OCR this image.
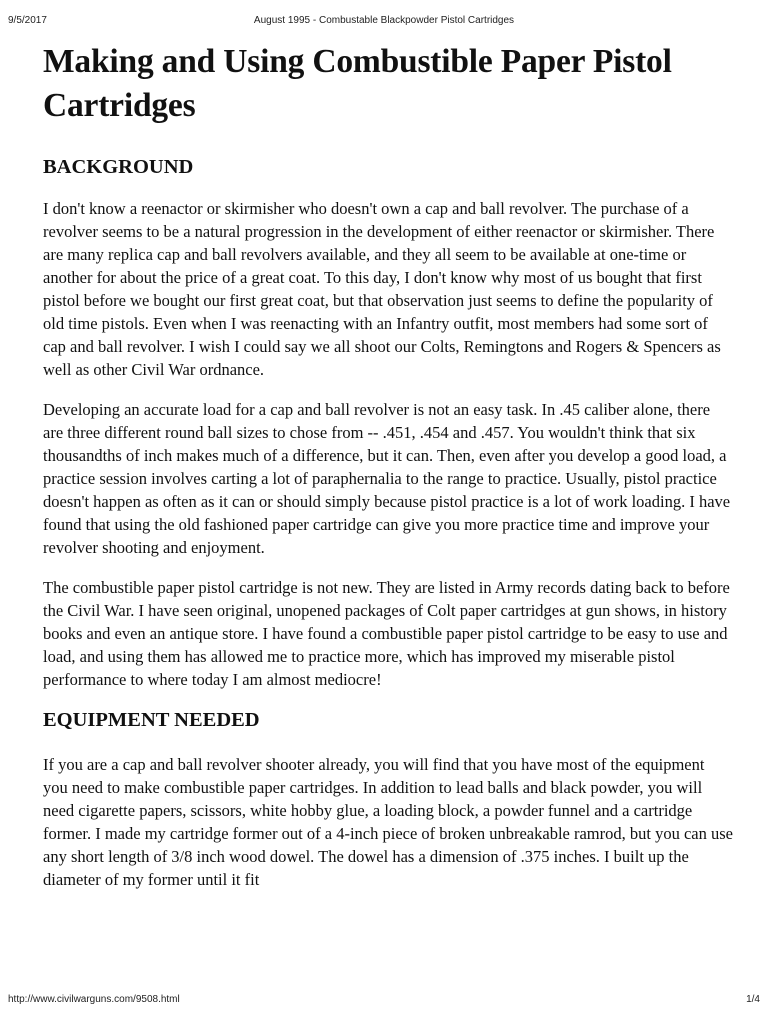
9/5/2017	August 1995 - Combustable Blackpowder Pistol Cartridges
Making and Using Combustible Paper Pistol Cartridges
BACKGROUND

I don't know a reenactor or skirmisher who doesn't own a cap and ball revolver. The purchase of a revolver seems to be a natural progression in the development of either reenactor or skirmisher. There are many replica cap and ball revolvers available, and they all seem to be available at one-time or another for about the price of a great coat. To this day, I don't know why most of us bought that first pistol before we bought our first great coat, but that observation just seems to define the popularity of old time pistols. Even when I was reenacting with an Infantry outfit, most members had some sort of cap and ball revolver. I wish I could say we all shoot our Colts, Remingtons and Rogers & Spencers as well as other Civil War ordnance.

Developing an accurate load for a cap and ball revolver is not an easy task. In .45 caliber alone, there are three different round ball sizes to chose from -- .451, .454 and .457. You wouldn't think that six thousandths of inch makes much of a difference, but it can. Then, even after you develop a good load, a practice session involves carting a lot of paraphernalia to the range to practice. Usually, pistol practice doesn't happen as often as it can or should simply because pistol practice is a lot of work loading. I have found that using the old fashioned paper cartridge can give you more practice time and improve your revolver shooting and enjoyment.

The combustible paper pistol cartridge is not new. They are listed in Army records dating back to before the Civil War. I have seen original, unopened packages of Colt paper cartridges at gun shows, in history books and even an antique store. I have found a combustible paper pistol cartridge to be easy to use and load, and using them has allowed me to practice more, which has improved my miserable pistol performance to where today I am almost mediocre!

EQUIPMENT NEEDED

If you are a cap and ball revolver shooter already, you will find that you have most of the equipment you need to make combustible paper cartridges. In addition to lead balls and black powder, you will need cigarette papers, scissors, white hobby glue, a loading block, a powder funnel and a cartridge former. I made my cartridge former out of a 4-inch piece of broken unbreakable ramrod, but you can use any short length of 3/8 inch wood dowel. The dowel has a dimension of .375 inches. I built up the diameter of my former until it fit

http://www.civilwarguns.com/9508.html	1/4
